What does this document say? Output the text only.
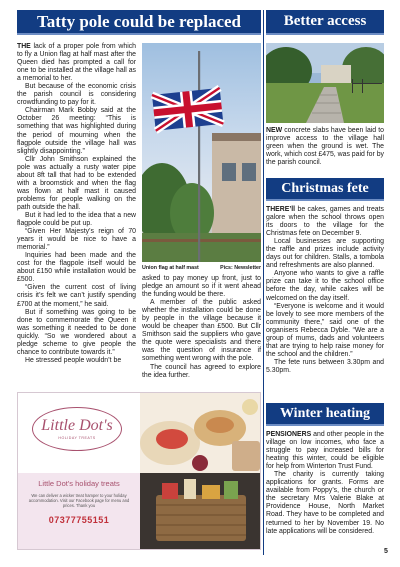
Tatty pole could be replaced

THE lack of a proper pole from which to fly a Union flag at half mast after the Queen died has prompted a call for one to be installed at the village hall as a memorial to her.

But because of the economic crisis the parish council is considering crowdfunding to pay for it.

Chairman Mark Bobby said at the October 26 meeting: “This is something that was highlighted during the period of mourning when the flagpole outside the village hall was slightly disappointing.”

Cllr John Smithson explained the pole was actually a rusty water pipe about 8ft tall that had to be extended with a broomstick and when the flag was flown at half mast it caused problems for people walking on the path outside the hall.

But it had led to the idea that a new flagpole could be put up.

“Given Her Majesty’s reign of 70 years it would be nice to have a memorial.”

Inquiries had been made and the cost for the flagpole itself would be about £150 while installation would be £500.

“Given the current cost of living crisis it’s felt we can’t justify spending £700 at the moment,” he said.

But if something was going to be done to commemorate the Queen it was something it needed to be done quickly. “So we wondered about a pledge scheme to give people the chance to contribute towards it.”

He stressed people wouldn’t be

Union flag at half mast	Pics: Newsletter

asked to pay money up front, just to pledge an amount so if it went ahead the funding would be there.

A member of the public asked whether the installation could be done by people in the village because it would be cheaper than £500. But Cllr Smithson said the suppliers who gave the quote were specialists and there was the question of insurance if something went wrong with the pole.

The council has agreed to explore the idea further.

Better access

NEW concrete slabs have been laid to improve access to the village hall green when the ground is wet. The work, which cost £475, was paid for by the parish council.

Christmas fete

THERE’ll be cakes, games and treats galore when the school throws open its doors to the village for the Christmas fete on December 9.

Local businesses are supporting the raffle and prizes include activity days out for children. Stalls, a tombola and refreshments are also planned.

Anyone who wants to give a raffle prize can take it to the school office before the day, while cakes will be welcomed on the day itself.

“Everyone is welcome and it would be lovely to see more members of the community there,” said one of the organisers Rebecca Dyble. “We are a group of mums, dads and volunteers that are trying to help raise money for the school and the children.”

The fete runs between 3.30pm and 5.30pm.

Winter heating

PENSIONERS and other people in the village on low incomes, who face a struggle to pay increased bills for heating this winter, could be eligible for help from Winterton Trust Fund.

The charity is currently taking applications for grants. Forms are available from Poppy’s, the church or the secretary Mrs Valerie Blake at Providence House, North Market Road. They have to be completed and returned to her by November 19. No late applications will be considered.

Little Dot's
HOLIDAY TREATS
Little Dot's holiday treats
We can deliver a wicker treat hamper to your holiday accommodation. Visit our Facebook page for menu and prices. Thank you
07377755151
5
